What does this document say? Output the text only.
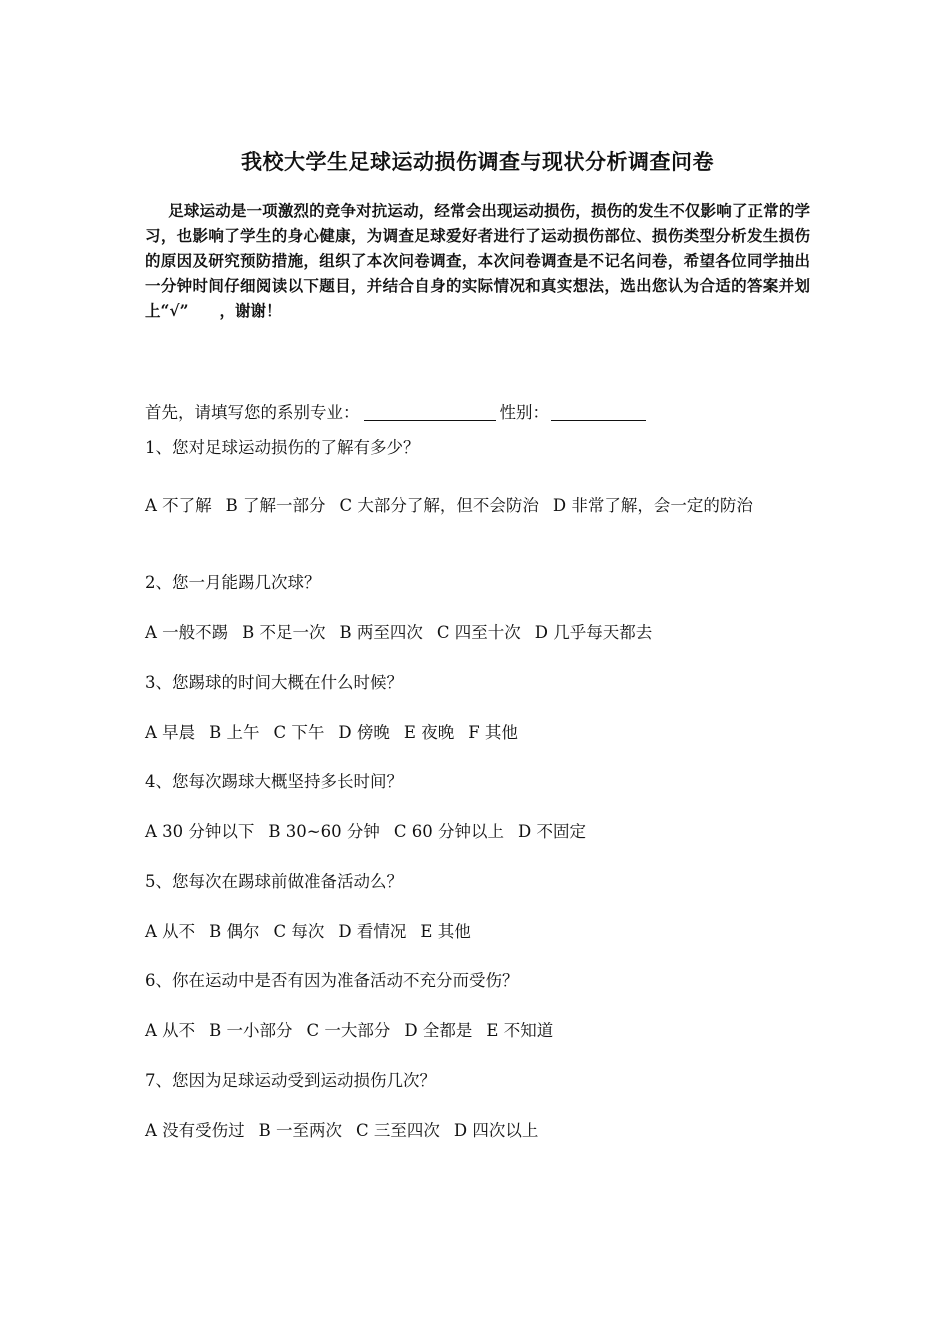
我校大学生足球运动损伤调查与现状分析调查问卷
足球运动是一项激烈的竞争对抗运动，经常会出现运动损伤，损伤的发生不仅影响了正常的学习，也影响了学生的身心健康，为调查足球爱好者进行了运动损伤部位、损伤类型分析发生损伤的原因及研究预防措施，组织了本次问卷调查，本次问卷调查是不记名问卷，希望各位同学抽出一分钟时间仔细阅读以下题目，并结合自身的实际情况和真实想法，选出您认为合适的答案并划上“√”　　，谢谢！
首先，请填写您的系别专业：	性别：
1、您对足球运动损伤的了解有多少？
A 不了解 B 了解一部分 C 大部分了解，但不会防治 D 非常了解，会一定的防治
2、您一月能踢几次球？
A 一般不踢 B 不足一次 B 两至四次 C 四至十次 D 几乎每天都去
3、您踢球的时间大概在什么时候？
A 早晨 B 上午 C 下午 D 傍晚 E 夜晚 F 其他
4、您每次踢球大概坚持多长时间？
A 30 分钟以下 B 30~60 分钟 C 60 分钟以上 D 不固定
5、您每次在踢球前做准备活动么？
A 从不 B 偶尔 C 每次 D 看情况 E 其他
6、你在运动中是否有因为准备活动不充分而受伤？
A 从不 B 一小部分 C 一大部分 D 全都是 E 不知道
7、您因为足球运动受到运动损伤几次？
A 没有受伤过 B 一至两次 C 三至四次 D 四次以上
